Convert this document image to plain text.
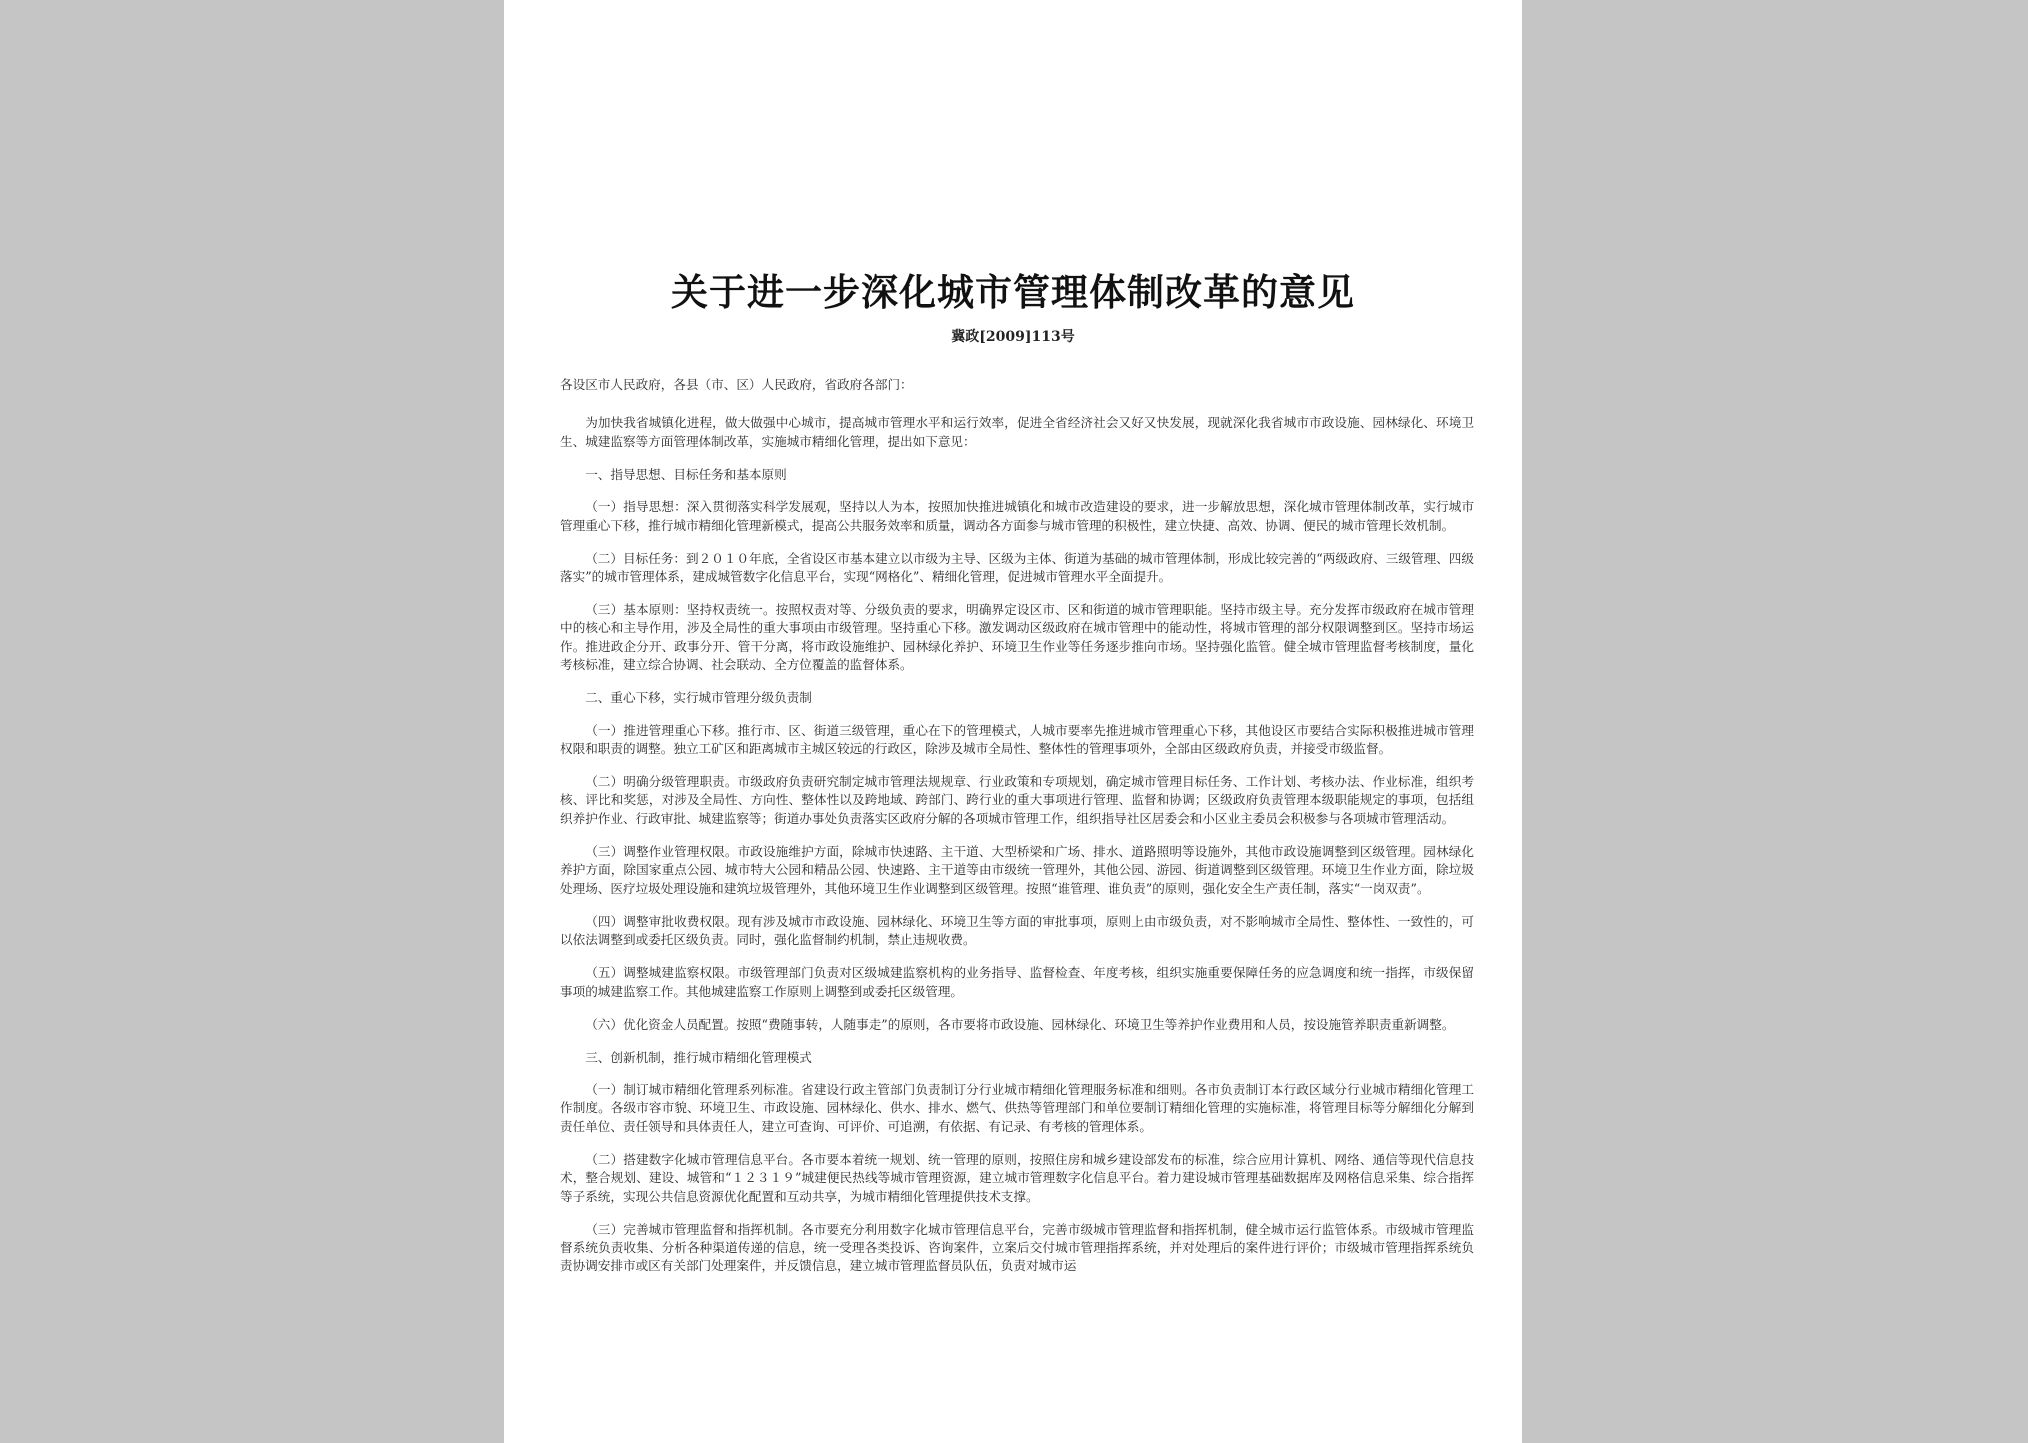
关于进一步深化城市管理体制改革的意见
冀政[2009]113号

各设区市人民政府，各县（市、区）人民政府，省政府各部门：

为加快我省城镇化进程，做大做强中心城市，提高城市管理水平和运行效率，促进全省经济社会又好又快发展，现就深化我省城市市政设施、园林绿化、环境卫生、城建监察等方面管理体制改革，实施城市精细化管理，提出如下意见：

一、指导思想、目标任务和基本原则

（一）指导思想：深入贯彻落实科学发展观，坚持以人为本，按照加快推进城镇化和城市改造建设的要求，进一步解放思想，深化城市管理体制改革，实行城市管理重心下移，推行城市精细化管理新模式，提高公共服务效率和质量，调动各方面参与城市管理的积极性，建立快捷、高效、协调、便民的城市管理长效机制。

（二）目标任务：到２０１０年底，全省设区市基本建立以市级为主导、区级为主体、街道为基础的城市管理体制，形成比较完善的“两级政府、三级管理、四级落实”的城市管理体系，建成城管数字化信息平台，实现“网格化”、精细化管理，促进城市管理水平全面提升。

（三）基本原则：坚持权责统一。按照权责对等、分级负责的要求，明确界定设区市、区和街道的城市管理职能。坚持市级主导。充分发挥市级政府在城市管理中的核心和主导作用，涉及全局性的重大事项由市级管理。坚持重心下移。激发调动区级政府在城市管理中的能动性，将城市管理的部分权限调整到区。坚持市场运作。推进政企分开、政事分开、管干分离，将市政设施维护、园林绿化养护、环境卫生作业等任务逐步推向市场。坚持强化监管。健全城市管理监督考核制度，量化考核标准，建立综合协调、社会联动、全方位覆盖的监督体系。

二、重心下移，实行城市管理分级负责制

（一）推进管理重心下移。推行市、区、街道三级管理，重心在下的管理模式，人城市要率先推进城市管理重心下移，其他设区市要结合实际积极推进城市管理权限和职责的调整。独立工矿区和距离城市主城区较远的行政区，除涉及城市全局性、整体性的管理事项外，全部由区级政府负责，并接受市级监督。

（二）明确分级管理职责。市级政府负责研究制定城市管理法规规章、行业政策和专项规划，确定城市管理目标任务、工作计划、考核办法、作业标准，组织考核、评比和奖惩，对涉及全局性、方向性、整体性以及跨地域、跨部门、跨行业的重大事项进行管理、监督和协调；区级政府负责管理本级职能规定的事项，包括组织养护作业、行政审批、城建监察等；街道办事处负责落实区政府分解的各项城市管理工作，组织指导社区居委会和小区业主委员会积极参与各项城市管理活动。

（三）调整作业管理权限。市政设施维护方面，除城市快速路、主干道、大型桥梁和广场、排水、道路照明等设施外，其他市政设施调整到区级管理。园林绿化养护方面，除国家重点公园、城市特大公园和精品公园、快速路、主干道等由市级统一管理外，其他公园、游园、街道调整到区级管理。环境卫生作业方面，除垃圾处理场、医疗垃圾处理设施和建筑垃圾管理外，其他环境卫生作业调整到区级管理。按照“谁管理、谁负责”的原则，强化安全生产责任制，落实“一岗双责”。

（四）调整审批收费权限。现有涉及城市市政设施、园林绿化、环境卫生等方面的审批事项，原则上由市级负责，对不影响城市全局性、整体性、一致性的，可以依法调整到或委托区级负责。同时，强化监督制约机制，禁止违规收费。

（五）调整城建监察权限。市级管理部门负责对区级城建监察机构的业务指导、监督检查、年度考核，组织实施重要保障任务的应急调度和统一指挥，市级保留事项的城建监察工作。其他城建监察工作原则上调整到或委托区级管理。

（六）优化资金人员配置。按照“费随事转，人随事走”的原则，各市要将市政设施、园林绿化、环境卫生等养护作业费用和人员，按设施管养职责重新调整。

三、创新机制，推行城市精细化管理模式

（一）制订城市精细化管理系列标准。省建设行政主管部门负责制订分行业城市精细化管理服务标准和细则。各市负责制订本行政区域分行业城市精细化管理工作制度。各级市容市貌、环境卫生、市政设施、园林绿化、供水、排水、燃气、供热等管理部门和单位要制订精细化管理的实施标准，将管理目标等分解细化分解到责任单位、责任领导和具体责任人，建立可查询、可评价、可追溯，有依据、有记录、有考核的管理体系。

（二）搭建数字化城市管理信息平台。各市要本着统一规划、统一管理的原则，按照住房和城乡建设部发布的标准，综合应用计算机、网络、通信等现代信息技术，整合规划、建设、城管和“１２３１９”城建便民热线等城市管理资源，建立城市管理数字化信息平台。着力建设城市管理基础数据库及网格信息采集、综合指挥等子系统，实现公共信息资源优化配置和互动共享，为城市精细化管理提供技术支撑。

（三）完善城市管理监督和指挥机制。各市要充分利用数字化城市管理信息平台，完善市级城市管理监督和指挥机制，健全城市运行监管体系。市级城市管理监督系统负责收集、分析各种渠道传递的信息，统一受理各类投诉、咨询案件，立案后交付城市管理指挥系统，并对处理后的案件进行评价；市级城市管理指挥系统负责协调安排市或区有关部门处理案件，并反馈信息，建立城市管理监督员队伍，负责对城市运
